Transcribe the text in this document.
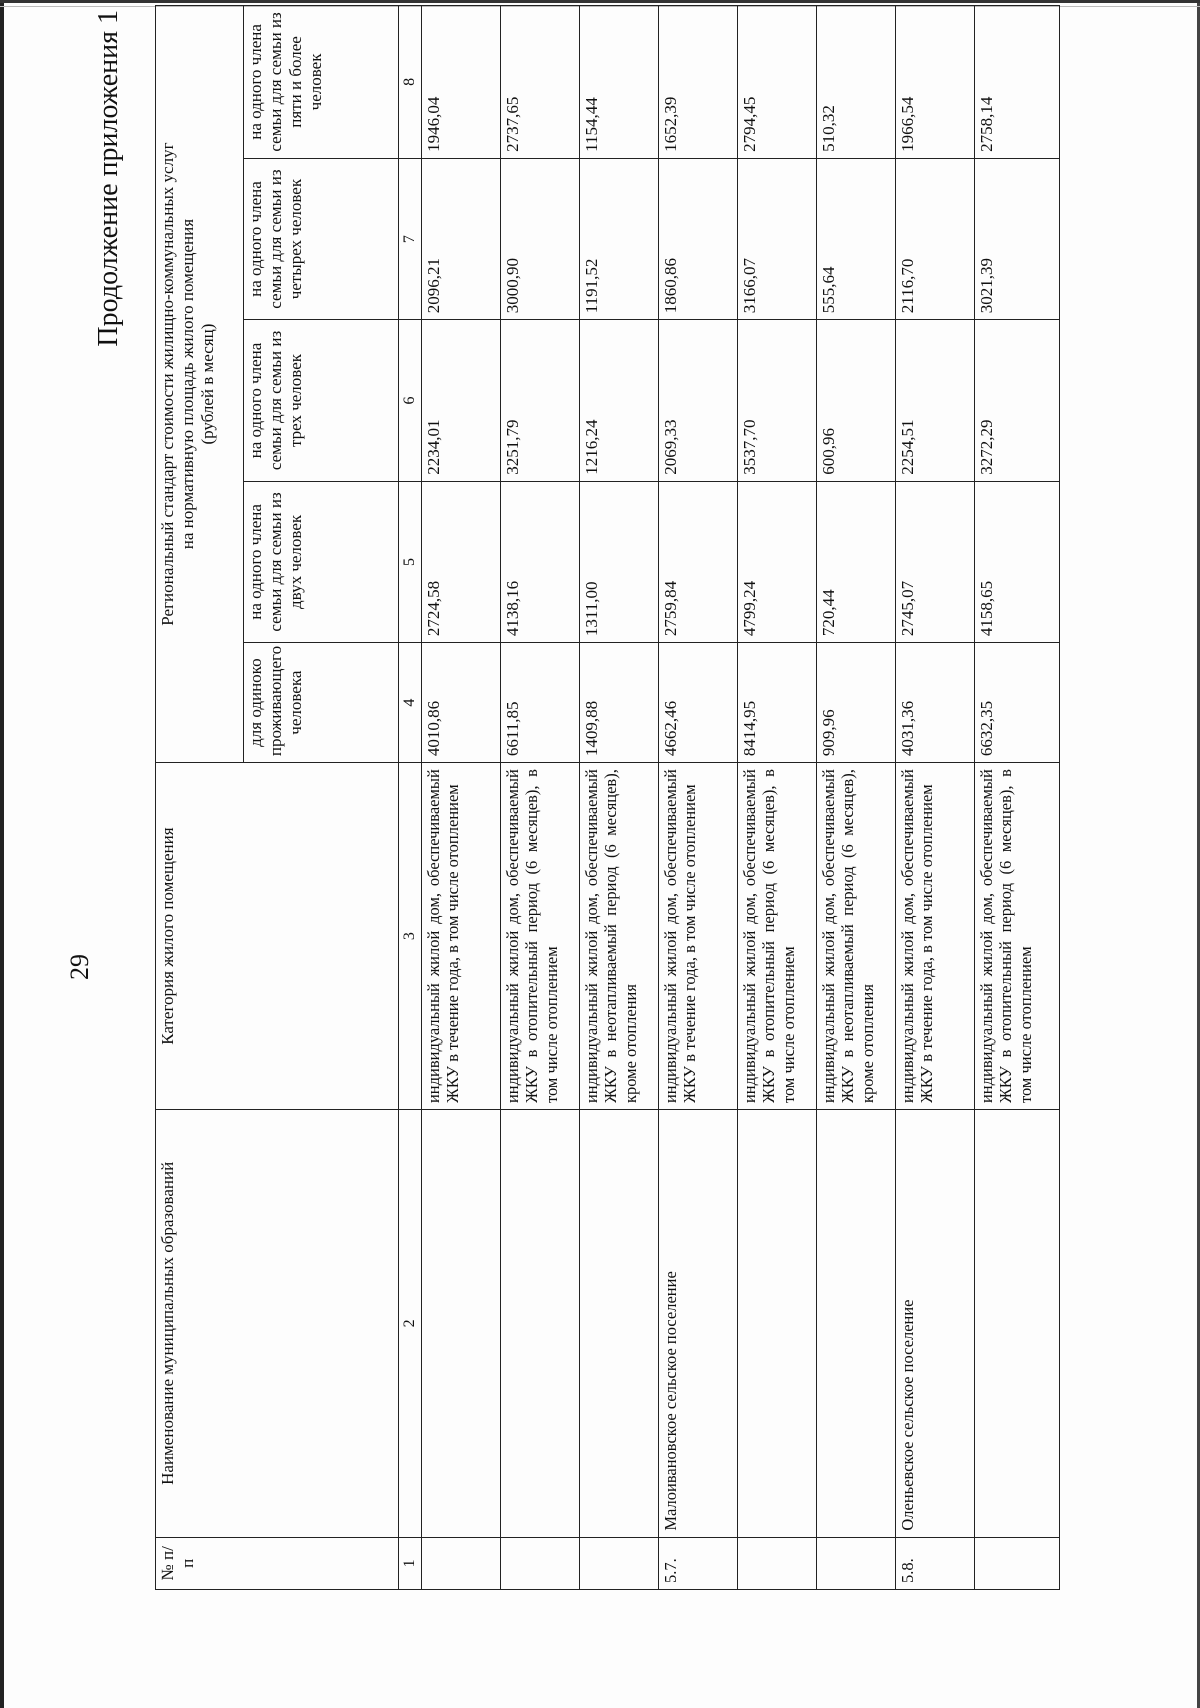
29
Продолжение приложения 1
№ п/п	Наименование муниципальных образований	Категория жилого помещения	Региональный стандарт стоимости жилищно-коммунальных услуг на нормативную площадь жилого помещения (рублей в месяц)				

			для одиноко проживающего человека	на одного члена семьи для семьи из двух человек	на одного члена семьи для семьи из трех человек	на одного члена семьи для семьи из четырех человек	на одного члена семьи для семьи из пяти и более человек
1	2	3	4	5	6	7	8
		индивидуальный жилой дом, обеспечиваемый ЖКУ в течение года, в том числе отоплением	4010,86	2724,58	2234,01	2096,21	1946,04
		индивидуальный жилой дом, обеспечиваемый ЖКУ в отопительный период (6 месяцев), в том числе отоплением	6611,85	4138,16	3251,79	3000,90	2737,65
		индивидуальный жилой дом, обеспечиваемый ЖКУ в неотапливаемый период (6 месяцев), кроме отопления	1409,88	1311,00	1216,24	1191,52	1154,44
5.7.	Малоивановское сельское поселение	индивидуальный жилой дом, обеспечиваемый ЖКУ в течение года, в том числе отоплением	4662,46	2759,84	2069,33	1860,86	1652,39
		индивидуальный жилой дом, обеспечиваемый ЖКУ в отопительный период (6 месяцев), в том числе отоплением	8414,95	4799,24	3537,70	3166,07	2794,45
		индивидуальный жилой дом, обеспечиваемый ЖКУ в неотапливаемый период (6 месяцев), кроме отопления	909,96	720,44	600,96	555,64	510,32
5.8.	Оленьевское сельское поселение	индивидуальный жилой дом, обеспечиваемый ЖКУ в течение года, в том числе отоплением	4031,36	2745,07	2254,51	2116,70	1966,54
		индивидуальный жилой дом, обеспечиваемый ЖКУ в отопительный период (6 месяцев), в том числе отоплением	6632,35	4158,65	3272,29	3021,39	2758,14
